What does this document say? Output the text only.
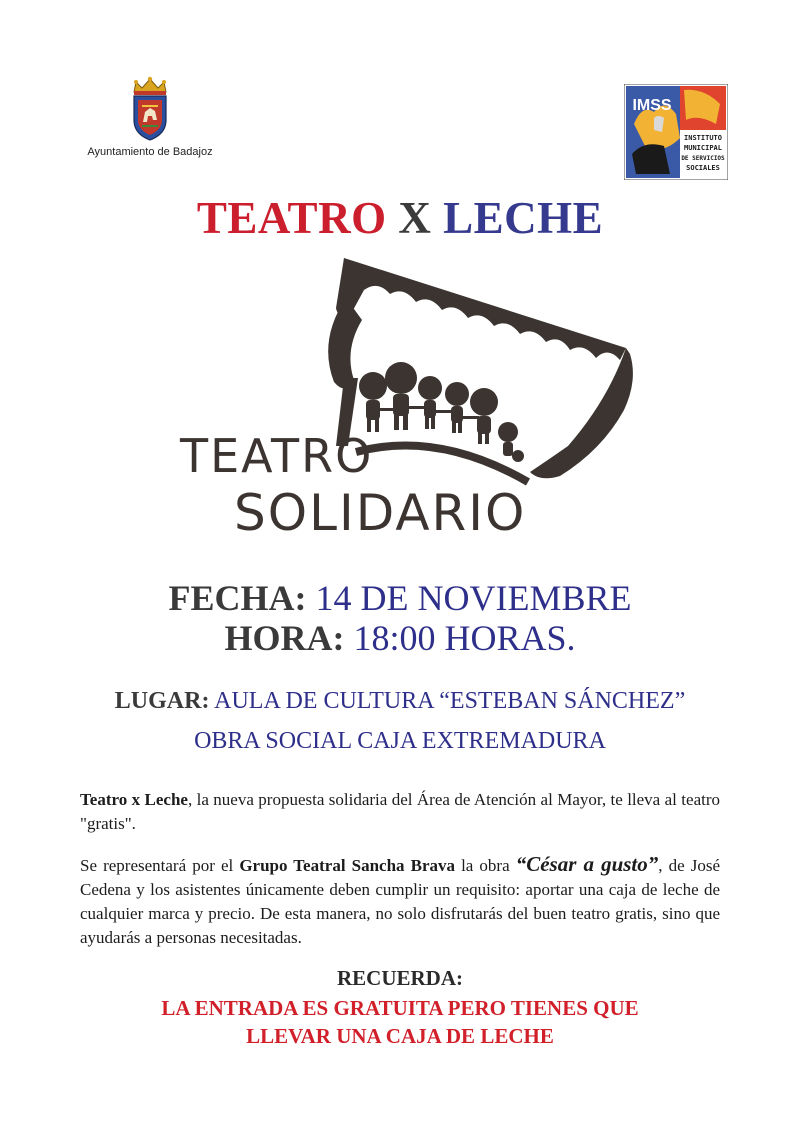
Ayuntamiento de Badajoz
IMSS
INSTITUTO
MUNICIPAL
DE SERVICIOS
SOCIALES
TEATRO X LECHE
TEATRO
SOLIDARIO
FECHA: 14 DE NOVIEMBRE
HORA: 18:00 HORAS.
LUGAR: AULA DE CULTURA “ESTEBAN SÁNCHEZ”
OBRA SOCIAL CAJA EXTREMADURA

Teatro x Leche, la nueva propuesta solidaria del Área de Atención al Mayor, te lleva al teatro "gratis".

Se representará por el Grupo Teatral Sancha Brava la obra “César a gusto”, de José Cedena y los asistentes únicamente deben cumplir un requisito: aportar una caja de leche de cualquier marca y precio. De esta manera, no solo disfrutarás del buen teatro gratis, sino que ayudarás a personas necesitadas.

RECUERDA:
LA ENTRADA ES GRATUITA PERO TIENES QUE
LLEVAR UNA CAJA DE LECHE
